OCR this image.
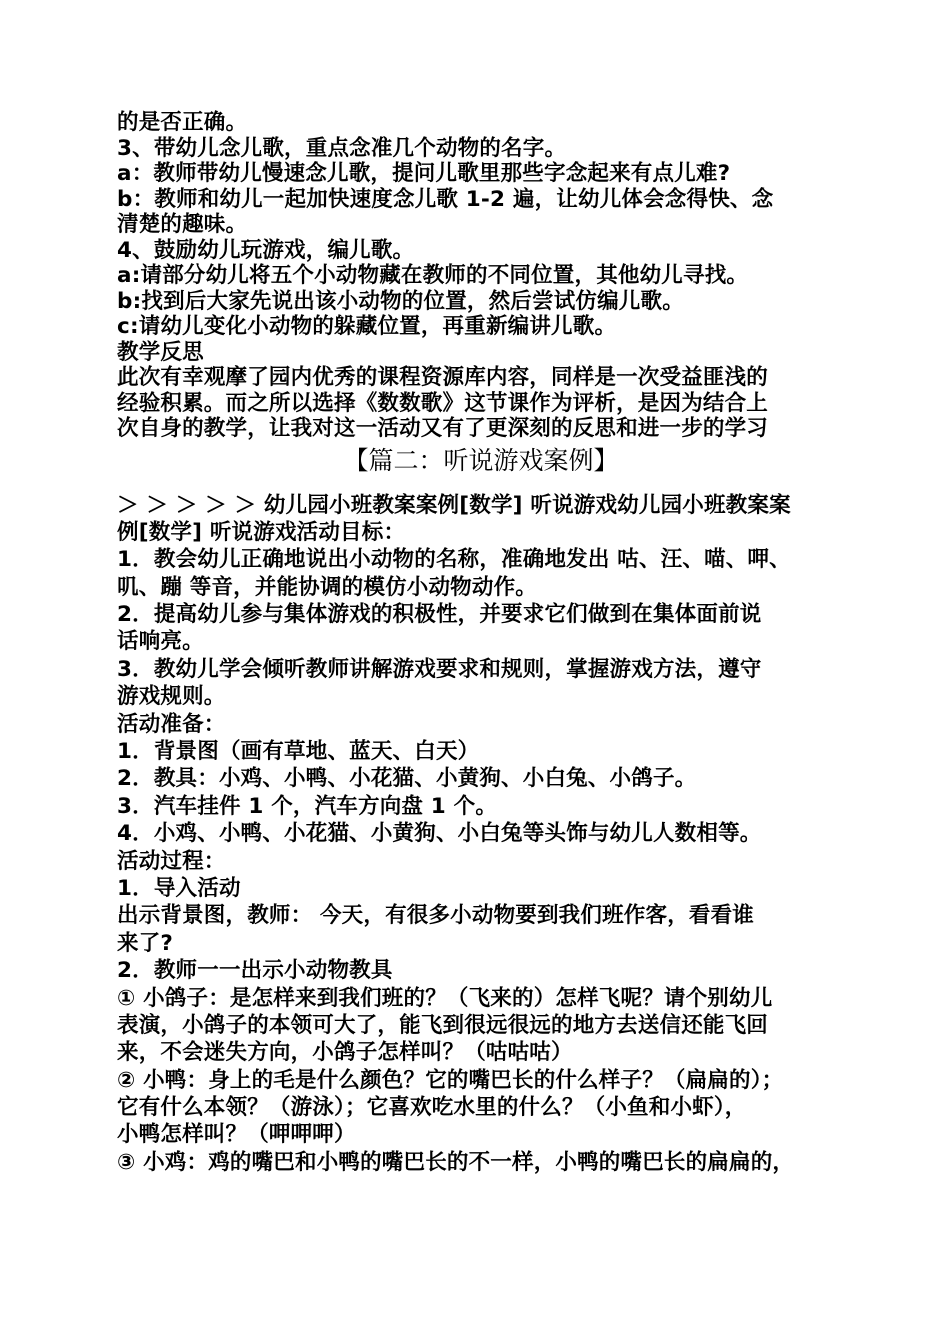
的是否正确。
3、带幼儿念儿歌，重点念准几个动物的名字。
a：教师带幼儿慢速念儿歌，提问儿歌里那些字念起来有点儿难?
b：教师和幼儿一起加快速度念儿歌 1-2 遍，让幼儿体会念得快、念
清楚的趣味。
4、鼓励幼儿玩游戏，编儿歌。
a:请部分幼儿将五个小动物藏在教师的不同位置，其他幼儿寻找。
b:找到后大家先说出该小动物的位置，然后尝试仿编儿歌。
c:请幼儿变化小动物的躲藏位置，再重新编讲儿歌。
教学反思
此次有幸观摩了园内优秀的课程资源库内容，同样是一次受益匪浅的
经验积累。而之所以选择《数数歌》这节课作为评析，是因为结合上
次自身的教学，让我对这一活动又有了更深刻的反思和进一步的学习
【篇二：听说游戏案例】
＞ ＞ ＞ ＞ ＞ 幼儿园小班教案案例[数学] 听说游戏幼儿园小班教案案
例[数学] 听说游戏活动目标：
1．教会幼儿正确地说出小动物的名称，准确地发出 咕、汪、喵、呷、
叽、蹦 等音，并能协调的模仿小动物动作。
2．提高幼儿参与集体游戏的积极性，并要求它们做到在集体面前说
话响亮。
3．教幼儿学会倾听教师讲解游戏要求和规则，掌握游戏方法，遵守
游戏规则。
活动准备：
1．背景图（画有草地、蓝天、白天）
2．教具：小鸡、小鸭、小花猫、小黄狗、小白兔、小鸽子。
3．汽车挂件 1 个，汽车方向盘 1 个。
4．小鸡、小鸭、小花猫、小黄狗、小白兔等头饰与幼儿人数相等。
活动过程：
1．导入活动
出示背景图，教师： 今天，有很多小动物要到我们班作客，看看谁
来了?
2．教师一一出示小动物教具
① 小鸽子：是怎样来到我们班的？（飞来的）怎样飞呢？请个别幼儿
表演，小鸽子的本领可大了，能飞到很远很远的地方去送信还能飞回
来，不会迷失方向，小鸽子怎样叫？（咕咕咕）
② 小鸭：身上的毛是什么颜色？它的嘴巴长的什么样子？（扁扁的）；
它有什么本领？（游泳）；它喜欢吃水里的什么？（小鱼和小虾），
小鸭怎样叫？（呷呷呷）
③ 小鸡：鸡的嘴巴和小鸭的嘴巴长的不一样，小鸭的嘴巴长的扁扁的，
